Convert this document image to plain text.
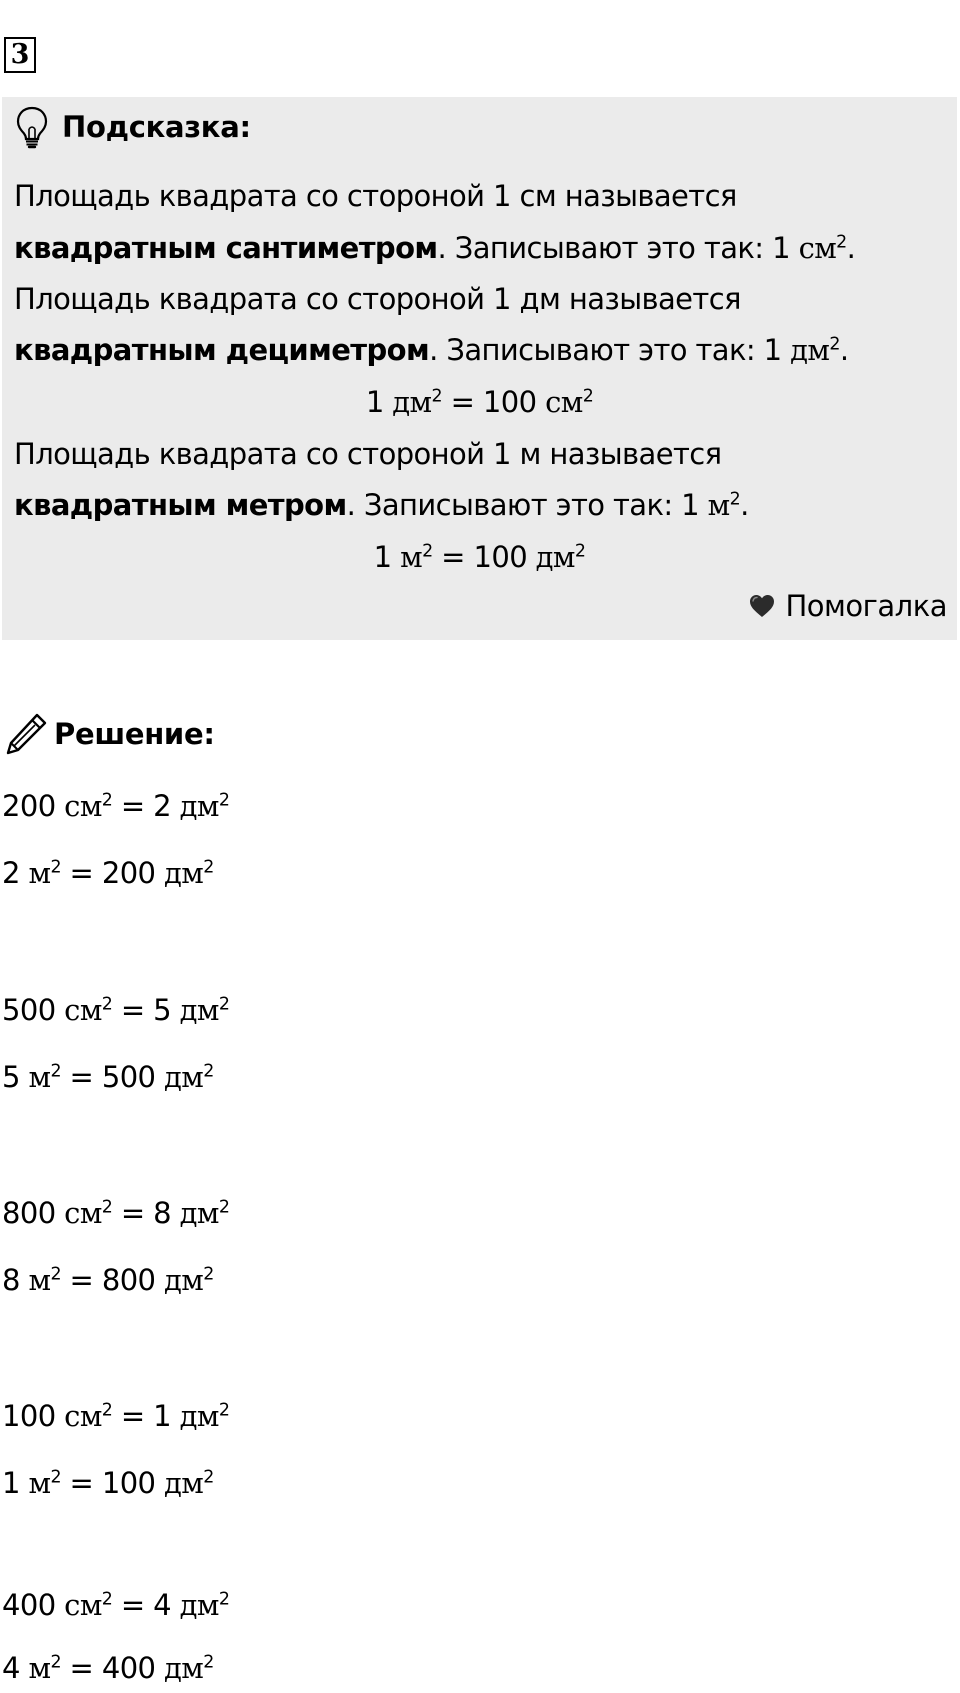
3
Подсказка:
Площадь квадрата со стороной 1 см называется
квадратным сантиметром. Записывают это так: 1 $см^2$.
Площадь квадрата со стороной 1 дм называется
квадратным дециметром. Записывают это так: 1 $дм^2$.
1 $дм^2 = 100$ $см^2$
Площадь квадрата со стороной 1 м называется
квадратным метром. Записывают это так: 1 $м^2$.
1 $м^2 = 100$ $дм^2$
Помогалка
Решение:
200 $см^2 = 2$ $дм^2$
2 $м^2 = 200$ $дм^2$
500 $см^2 = 5$ $дм^2$
5 $м^2 = 500$ $дм^2$
800 $см^2 = 8$ $дм^2$
8 $м^2 = 800$ $дм^2$
100 $см^2 = 1$ $дм^2$
1 $м^2 = 100$ $дм^2$
400 $см^2 = 4$ $дм^2$
4 $м^2 = 400$ $дм^2$
